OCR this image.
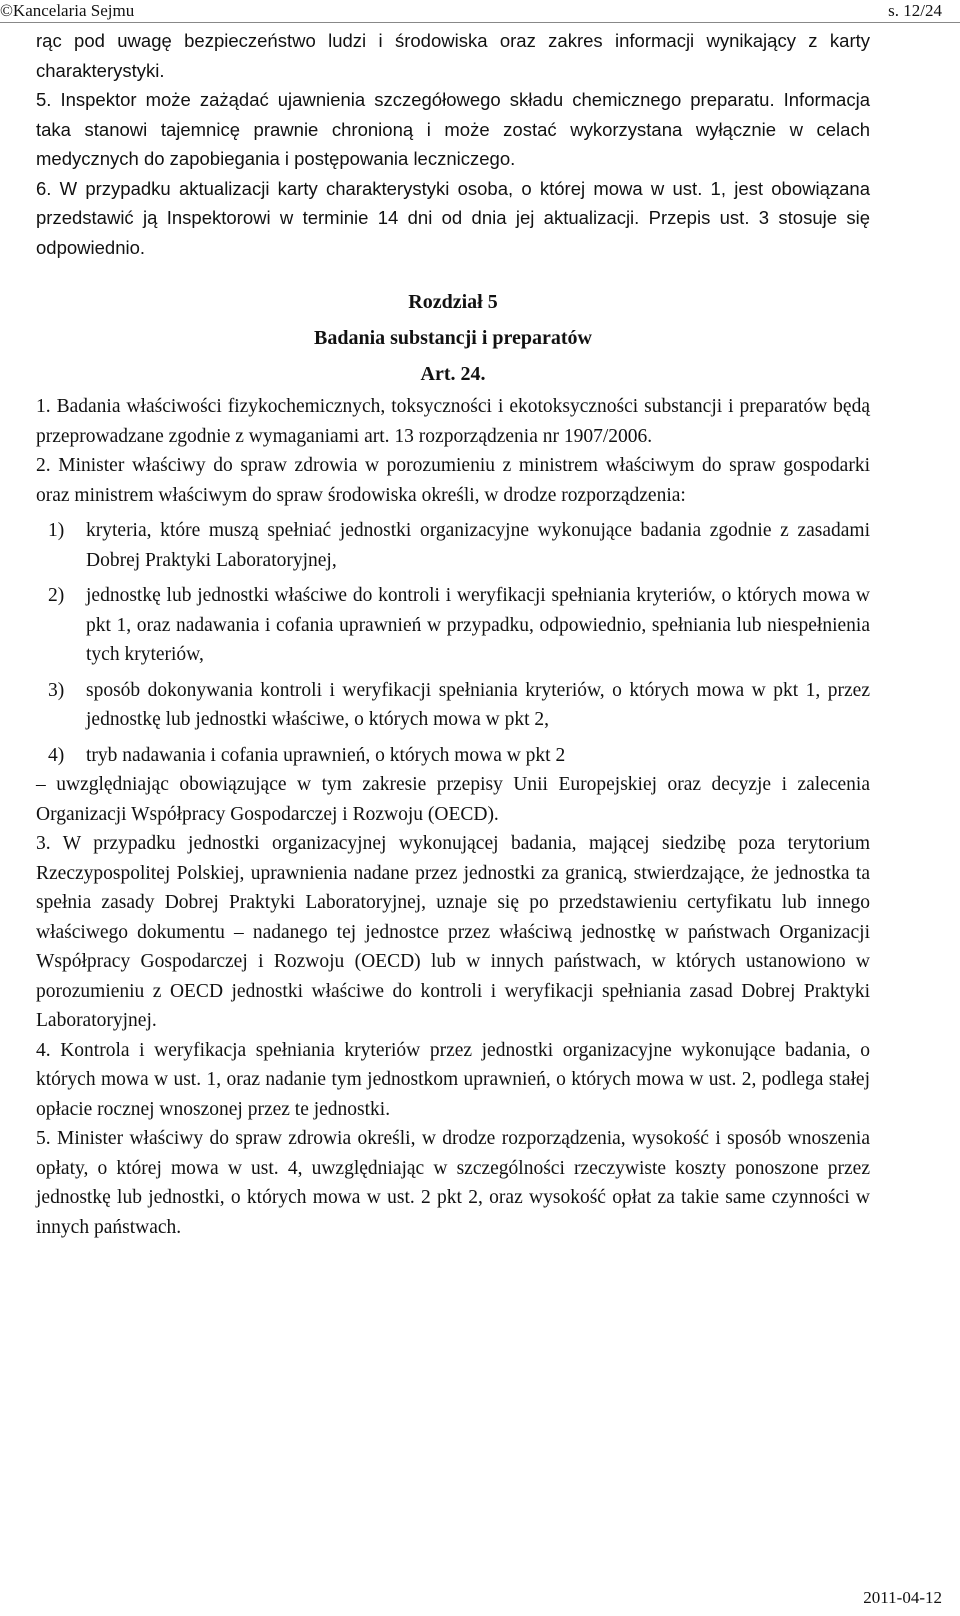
©Kancelaria Sejmu	s. 12/24

rąc pod uwagę bezpieczeństwo ludzi i środowiska oraz zakres informacji wynikający z karty charakterystyki.

5. Inspektor może zażądać ujawnienia szczegółowego składu chemicznego preparatu. Informacja taka stanowi tajemnicę prawnie chronioną i może zostać wykorzystana wyłącznie w celach medycznych do zapobiegania i postępowania leczniczego.

6. W przypadku aktualizacji karty charakterystyki osoba, o której mowa w ust. 1, jest obowiązana przedstawić ją Inspektorowi w terminie 14 dni od dnia jej aktualizacji. Przepis ust. 3 stosuje się odpowiednio.

Rozdział 5

Badania substancji i preparatów

Art. 24.

1. Badania właściwości fizykochemicznych, toksyczności i ekotoksyczności substancji i preparatów będą przeprowadzane zgodnie z wymaganiami art. 13 rozporządzenia nr 1907/2006.

2. Minister właściwy do spraw zdrowia w porozumieniu z ministrem właściwym do spraw gospodarki oraz ministrem właściwym do spraw środowiska określi, w drodze rozporządzenia:

1)	kryteria, które muszą spełniać jednostki organizacyjne wykonujące badania zgodnie z zasadami Dobrej Praktyki Laboratoryjnej,
2)	jednostkę lub jednostki właściwe do kontroli i weryfikacji spełniania kryteriów, o których mowa w pkt 1, oraz nadawania i cofania uprawnień w przypadku, odpowiednio, spełniania lub niespełnienia tych kryteriów,
3)	sposób dokonywania kontroli i weryfikacji spełniania kryteriów, o których mowa w pkt 1, przez jednostkę lub jednostki właściwe, o których mowa w pkt 2,
4)	tryb nadawania i cofania uprawnień, o których mowa w pkt 2

– uwzględniając obowiązujące w tym zakresie przepisy Unii Europejskiej oraz decyzje i zalecenia Organizacji Współpracy Gospodarczej i Rozwoju (OECD).

3. W przypadku jednostki organizacyjnej wykonującej badania, mającej siedzibę poza terytorium Rzeczypospolitej Polskiej, uprawnienia nadane przez jednostki za granicą, stwierdzające, że jednostka ta spełnia zasady Dobrej Praktyki Laboratoryjnej, uznaje się po przedstawieniu certyfikatu lub innego właściwego dokumentu – nadanego tej jednostce przez właściwą jednostkę w państwach Organizacji Współpracy Gospodarczej i Rozwoju (OECD) lub w innych państwach, w których ustanowiono w porozumieniu z OECD jednostki właściwe do kontroli i weryfikacji spełniania zasad Dobrej Praktyki Laboratoryjnej.

4. Kontrola i weryfikacja spełniania kryteriów przez jednostki organizacyjne wykonujące badania, o których mowa w ust. 1, oraz nadanie tym jednostkom uprawnień, o których mowa w ust. 2, podlega stałej opłacie rocznej wnoszonej przez te jednostki.

5. Minister właściwy do spraw zdrowia określi, w drodze rozporządzenia, wysokość i sposób wnoszenia opłaty, o której mowa w ust. 4, uwzględniając w szczególności rzeczywiste koszty ponoszone przez jednostkę lub jednostki, o których mowa w ust. 2 pkt 2, oraz wysokość opłat za takie same czynności w innych państwach.

2011-04-12
